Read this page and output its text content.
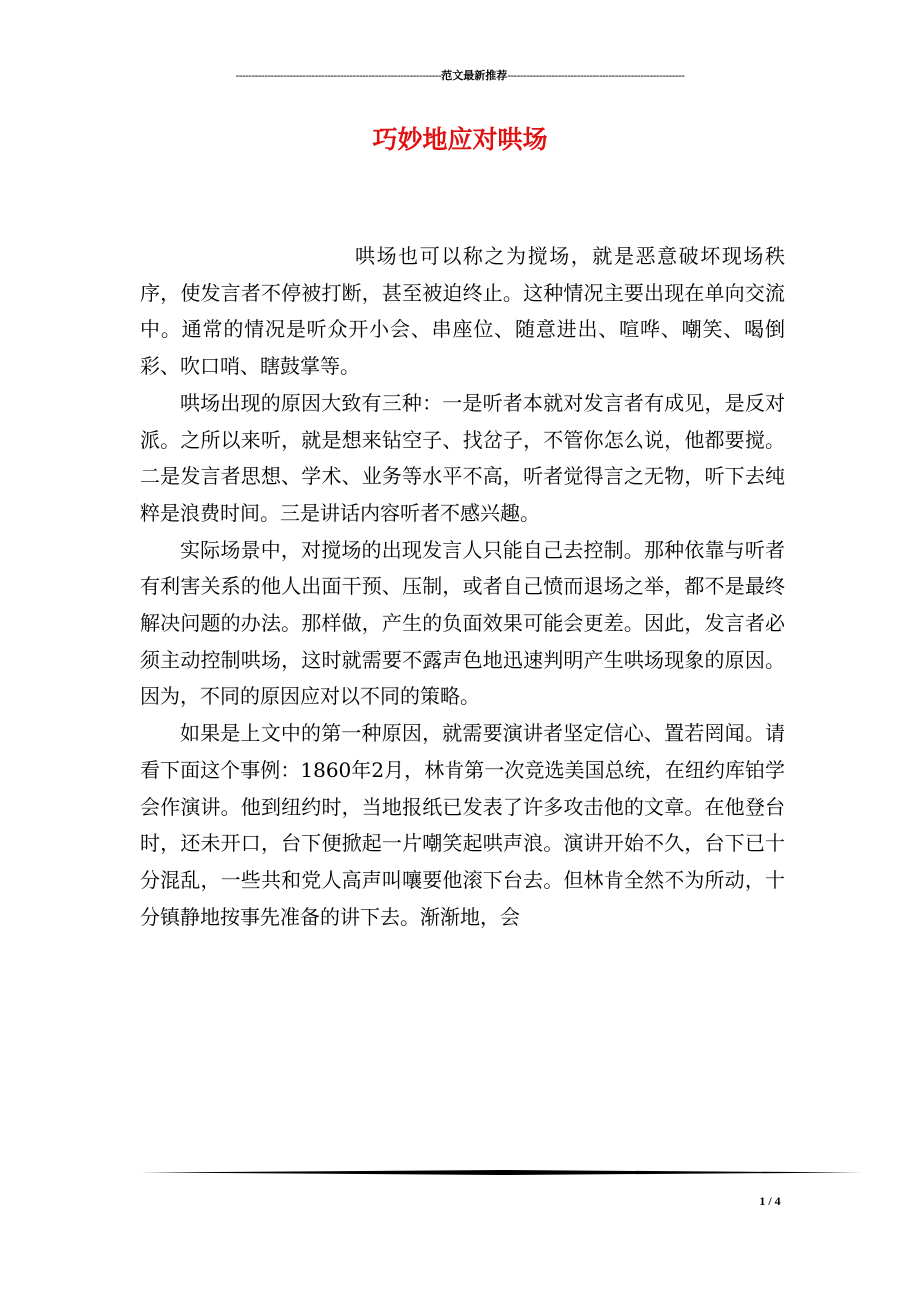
-----------------------------------------------------------------范文最新推荐--------------------------------------------------------
巧妙地应对哄场

哄场也可以称之为搅场，就是恶意破坏现场秩序，使发言者不停被打断，甚至被迫终止。这种情况主要出现在单向交流中。通常的情况是听众开小会、串座位、随意进出、喧哗、嘲笑、喝倒彩、吹口哨、瞎鼓掌等。

哄场出现的原因大致有三种：一是听者本就对发言者有成见，是反对派。之所以来听，就是想来钻空子、找岔子，不管你怎么说，他都要搅。二是发言者思想、学术、业务等水平不高，听者觉得言之无物，听下去纯粹是浪费时间。三是讲话内容听者不感兴趣。

实际场景中，对搅场的出现发言人只能自己去控制。那种依靠与听者有利害关系的他人出面干预、压制，或者自己愤而退场之举，都不是最终解决问题的办法。那样做，产生的负面效果可能会更差。因此，发言者必须主动控制哄场，这时就需要不露声色地迅速判明产生哄场现象的原因。因为，不同的原因应对以不同的策略。

如果是上文中的第一种原因，就需要演讲者坚定信心、置若罔闻。请看下面这个事例：1860年2月，林肯第一次竞选美国总统，在纽约库铂学会作演讲。他到纽约时，当地报纸已发表了许多攻击他的文章。在他登台时，还未开口，台下便掀起一片嘲笑起哄声浪。演讲开始不久，台下已十分混乱，一些共和党人高声叫嚷要他滚下台去。但林肯全然不为所动，十分镇静地按事先准备的讲下去。渐渐地，会

1 / 4
